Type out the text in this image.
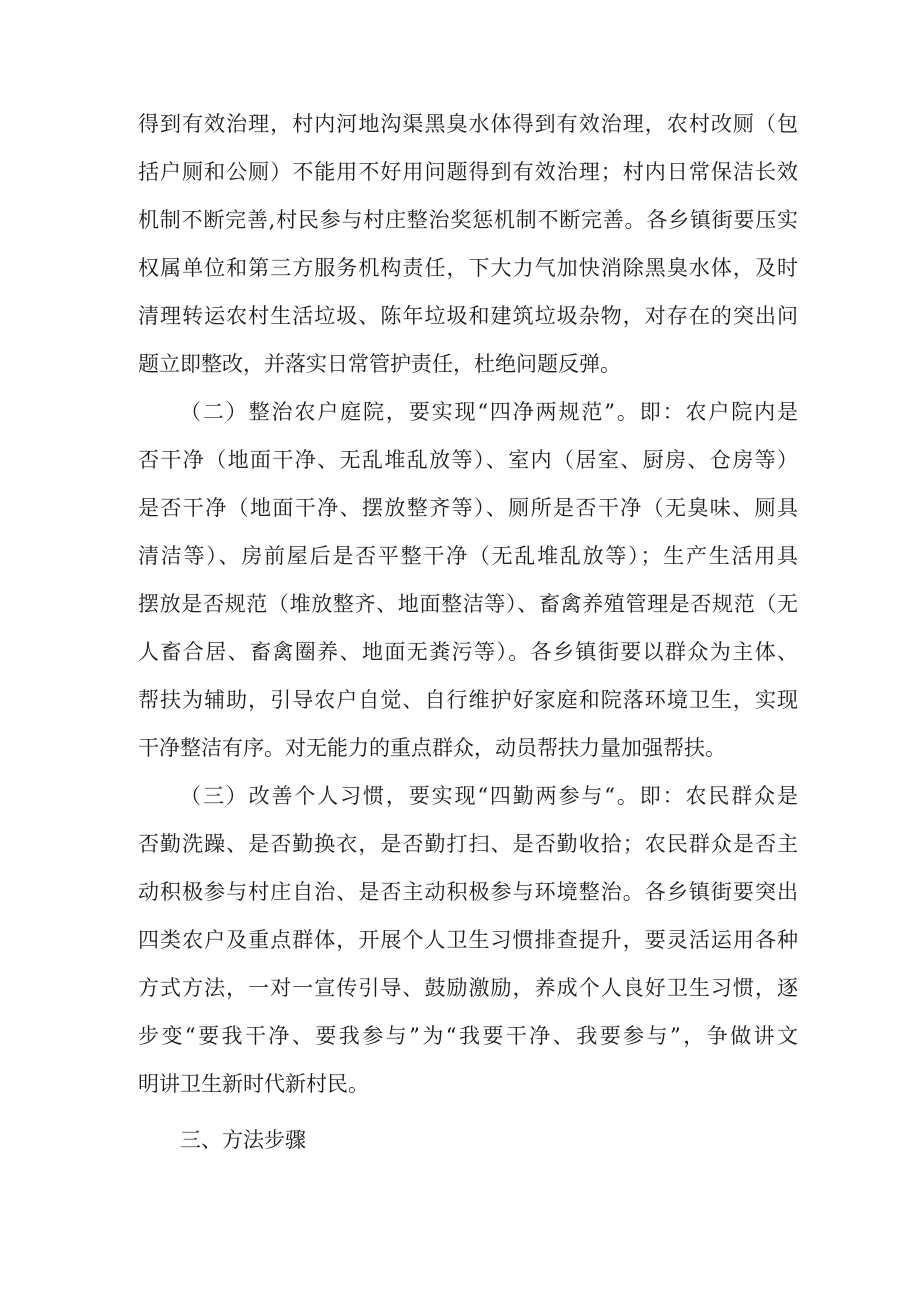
得到有效治理，村内河地沟渠黑臭水体得到有效治理，农村改厕（包
括户厕和公厕）不能用不好用问题得到有效治理；村内日常保洁长效
机制不断完善,村民参与村庄整治奖惩机制不断完善。各乡镇街要压实
权属单位和第三方服务机构责任，下大力气加快消除黑臭水体，及时
清理转运农村生活垃圾、陈年垃圾和建筑垃圾杂物，对存在的突出问
题立即整改，并落实日常管护责任，杜绝问题反弹。
（二）整治农户庭院，要实现“四净两规范”。即：农户院内是
否干净（地面干净、无乱堆乱放等）、室内（居室、厨房、仓房等）
是否干净（地面干净、摆放整齐等）、厕所是否干净（无臭味、厕具
清洁等）、房前屋后是否平整干净（无乱堆乱放等）；生产生活用具
摆放是否规范（堆放整齐、地面整洁等）、畜禽养殖管理是否规范（无
人畜合居、畜禽圈养、地面无粪污等）。各乡镇街要以群众为主体、
帮扶为辅助，引导农户自觉、自行维护好家庭和院落环境卫生，实现
干净整洁有序。对无能力的重点群众，动员帮扶力量加强帮扶。
（三）改善个人习惯，要实现“四勤两参与“。即：农民群众是
否勤洗躁、是否勤换衣，是否勤打扫、是否勤收拾；农民群众是否主
动积极参与村庄自治、是否主动积极参与环境整治。各乡镇街要突出
四类农户及重点群体，开展个人卫生习惯排查提升，要灵活运用各种
方式方法，一对一宣传引导、鼓励激励，养成个人良好卫生习惯，逐
步变“要我干净、要我参与”为“我要干净、我要参与”，争做讲文
明讲卫生新时代新村民。
三、方法步骤
